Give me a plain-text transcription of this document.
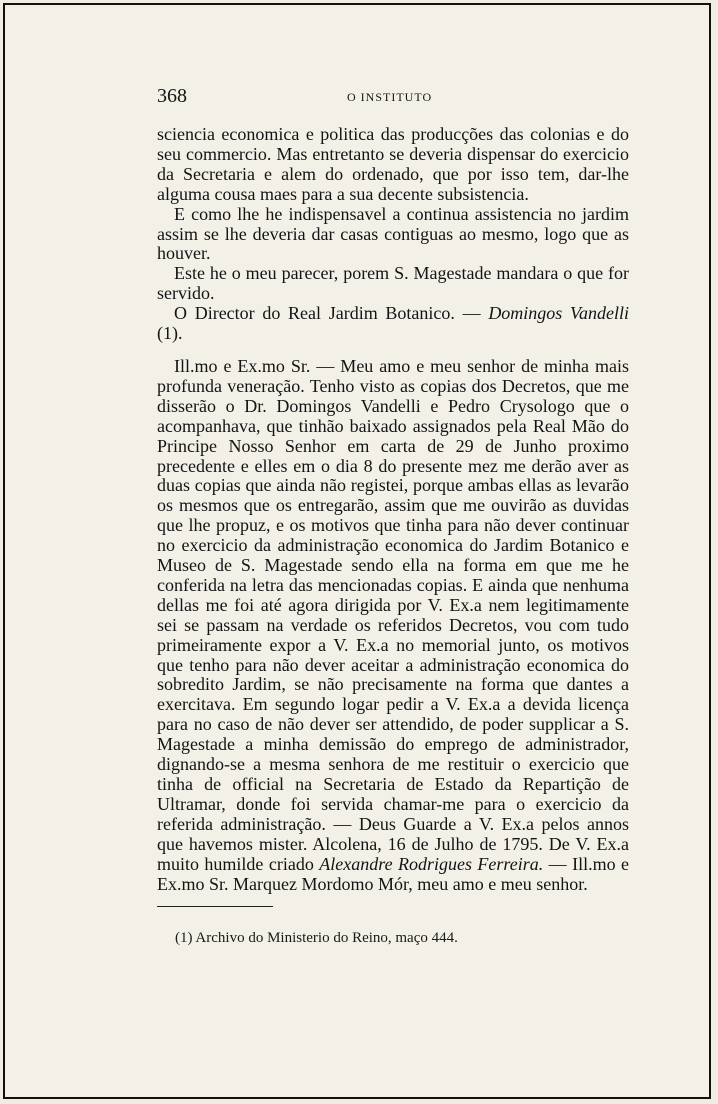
368	O INSTITUTO

sciencia economica e politica das producções das colonias e do seu commercio. Mas entretanto se deveria dispensar do exercicio da Secretaria e alem do ordenado, que por isso tem, dar-lhe alguma cousa maes para a sua decente subsistencia.

E como lhe he indispensavel a continua assistencia no jardim assim se lhe deveria dar casas contiguas ao mesmo, logo que as houver.

Este he o meu parecer, porem S. Magestade mandara o que for servido.

O Director do Real Jardim Botanico. — Domingos Vandelli (1).

Ill.mo e Ex.mo Sr. — Meu amo e meu senhor de minha mais profunda veneração. Tenho visto as copias dos Decretos, que me disserão o Dr. Domingos Vandelli e Pedro Crysologo que o acompanhava, que tinhão baixado assignados pela Real Mão do Principe Nosso Senhor em carta de 29 de Junho proximo precedente e elles em o dia 8 do presente mez me derão aver as duas copias que ainda não registei, porque ambas ellas as levarão os mesmos que os entregarão, assim que me ouvirão as duvidas que lhe propuz, e os motivos que tinha para não dever continuar no exercicio da administração economica do Jardim Botanico e Museo de S. Magestade sendo ella na forma em que me he conferida na letra das mencionadas copias. E ainda que nenhuma dellas me foi até agora dirigida por V. Ex.a nem legitimamente sei se passam na verdade os referidos Decretos, vou com tudo primeiramente expor a V. Ex.a no memorial junto, os motivos que tenho para não dever aceitar a administração economica do sobredito Jardim, se não precisamente na forma que dantes a exercitava. Em segundo logar pedir a V. Ex.a a devida licença para no caso de não dever ser attendido, de poder supplicar a S. Magestade a minha demissão do emprego de administrador, dignando-se a mesma senhora de me restituir o exercicio que tinha de official na Secretaria de Estado da Repartição de Ultramar, donde foi servida chamar-me para o exercicio da referida administração. — Deus Guarde a V. Ex.a pelos annos que havemos mister. Alcolena, 16 de Julho de 1795. De V. Ex.a muito humilde criado Alexandre Rodrigues Ferreira. — Ill.mo e Ex.mo Sr. Marquez Mordomo Mór, meu amo e meu senhor.

(1) Archivo do Ministerio do Reino, maço 444.
